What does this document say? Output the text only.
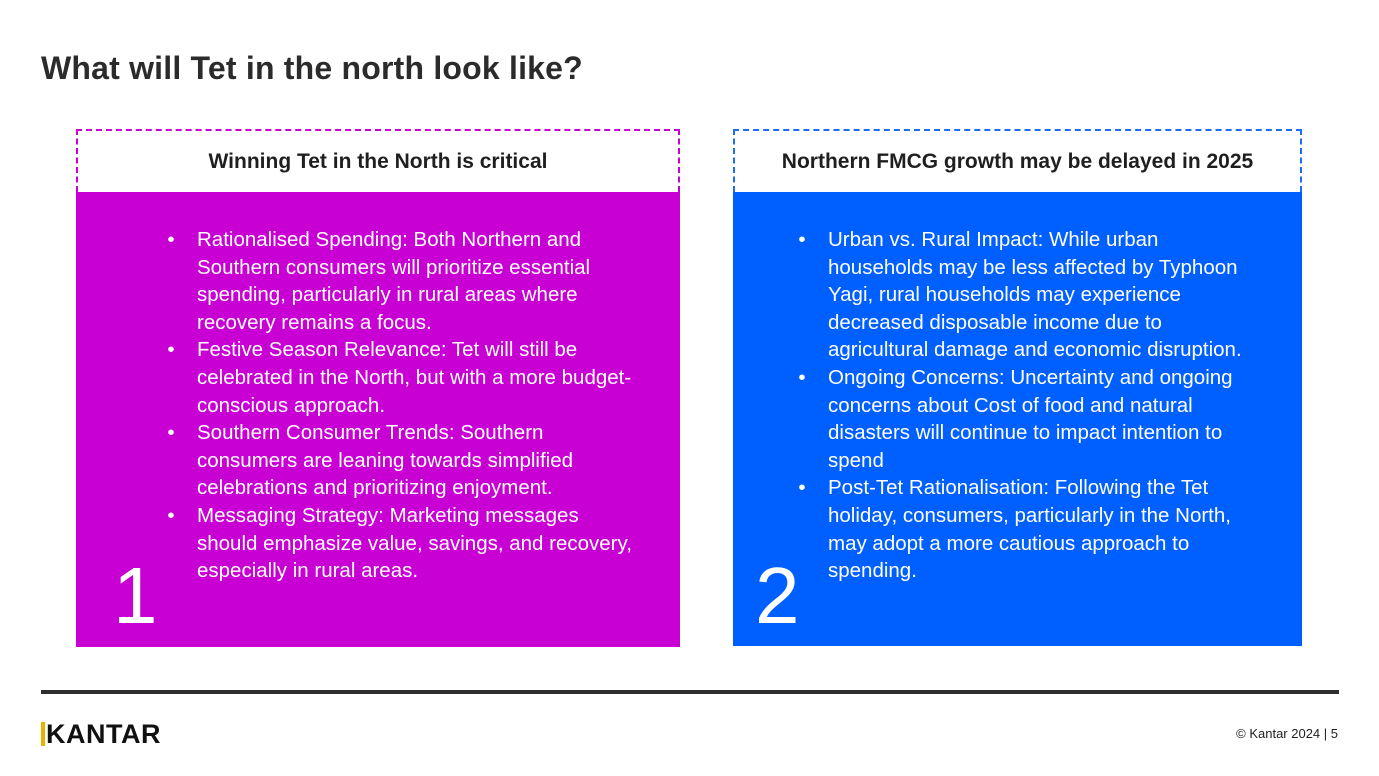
What will Tet in the north look like?
Winning Tet in the North is critical
• Rationalised Spending: Both Northern and Southern consumers will prioritize essential spending, particularly in rural areas where recovery remains a focus.
• Festive Season Relevance: Tet will still be celebrated in the North, but with a more budget-conscious approach.
• Southern Consumer Trends: Southern consumers are leaning towards simplified celebrations and prioritizing enjoyment.
• Messaging Strategy: Marketing messages should emphasize value, savings, and recovery, especially in rural areas.
1
Northern FMCG growth may be delayed in 2025
• Urban vs. Rural Impact: While urban households may be less affected by Typhoon Yagi, rural households may experience decreased disposable income due to agricultural damage and economic disruption.
• Ongoing Concerns: Uncertainty and ongoing concerns about Cost of food and natural disasters will continue to impact intention to spend
• Post-Tet Rationalisation: Following the Tet holiday, consumers, particularly in the North, may adopt a more cautious approach to spending.
2
KANTAR	© Kantar 2024 | 5
